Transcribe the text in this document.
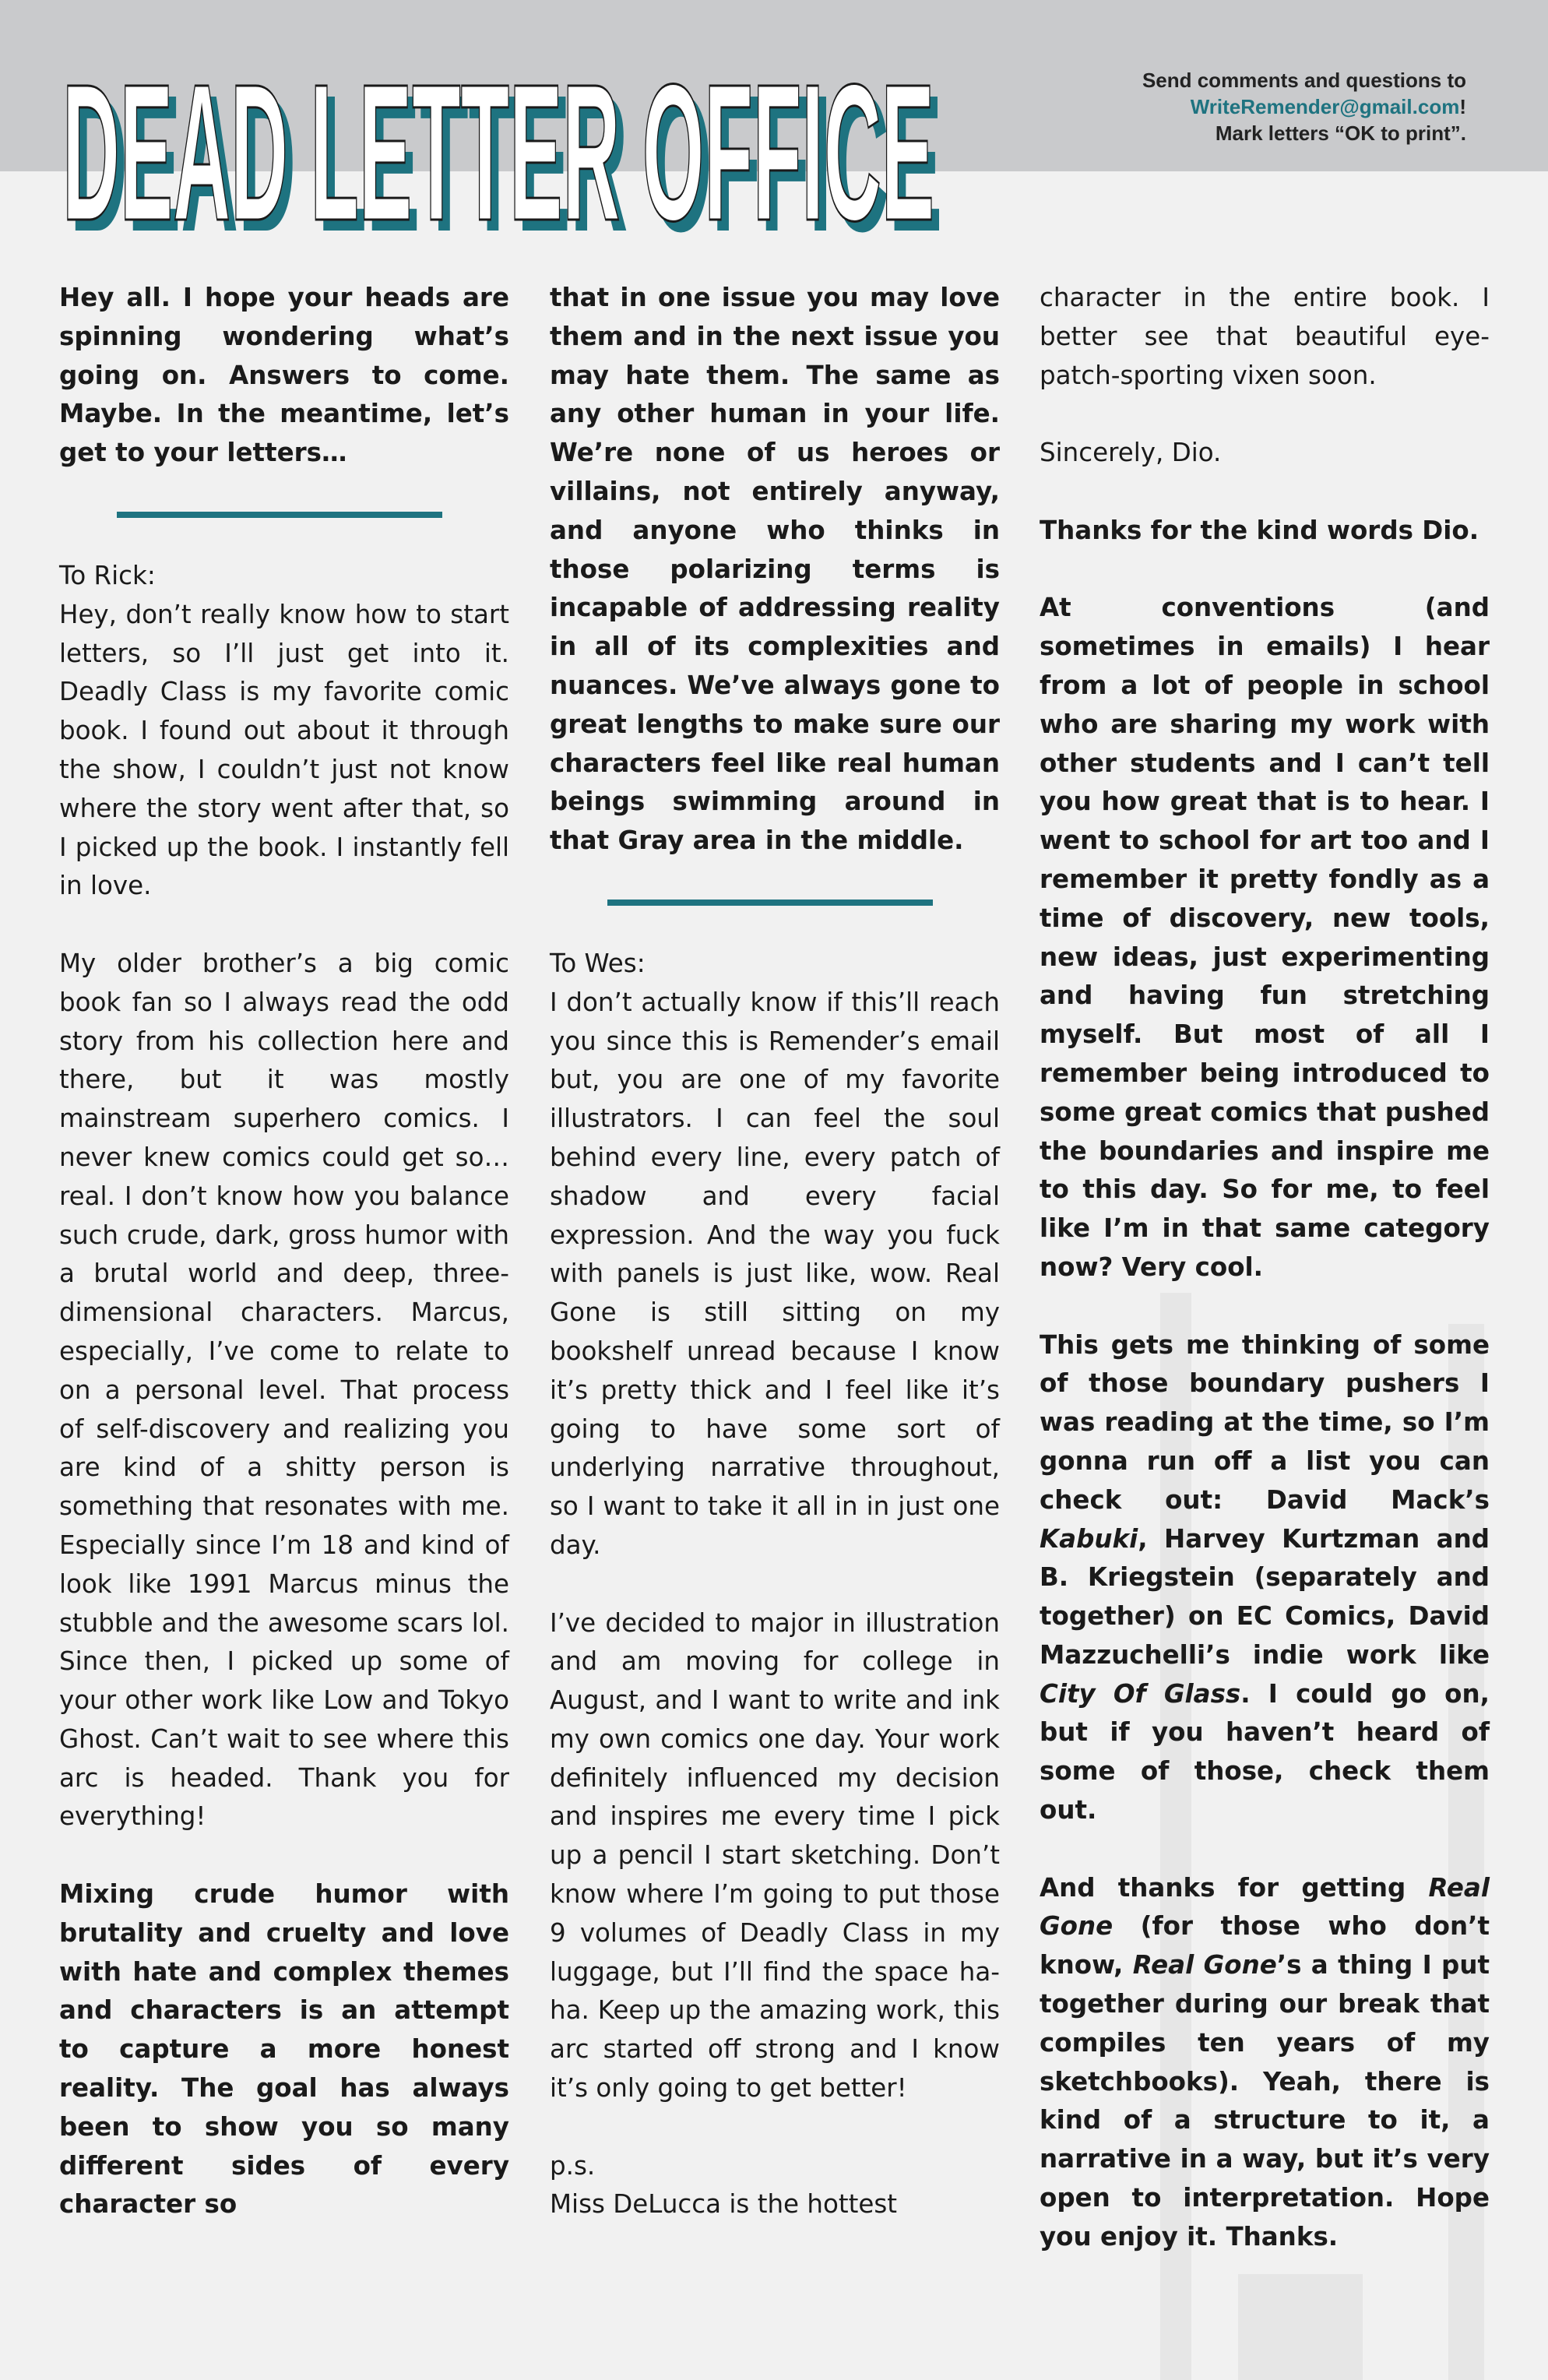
DEAD LETTER OFFICE
DEAD LETTER OFFICE	Send comments and questions to
WriteRemender@gmail.com!
Mark letters “OK to print”.

Hey all. I hope your heads are spinning wondering what’s going on. Answers to come. Maybe. In the meantime, let’s get to your letters…

To Rick:

Hey, don’t really know how to start letters, so I’ll just get into it. Deadly Class is my favorite comic book. I found out about it through the show, I couldn’t just not know where the story went after that, so I picked up the book. I instantly fell in love.

My older brother’s a big comic book fan so I always read the odd story from his collection here and there, but it was mostly mainstream superhero comics. I never knew comics could get so… real. I don’t know how you balance such crude, dark, gross humor with a brutal world and deep, three-dimensional characters. Marcus, especially, I’ve come to relate to on a personal level. That process of self-discovery and realizing you are kind of a shitty person is something that resonates with me. Especially since I’m 18 and kind of look like 1991 Marcus minus the stubble and the awesome scars lol. Since then, I picked up some of your other work like Low and Tokyo Ghost. Can’t wait to see where this arc is headed. Thank you for everything!

Mixing crude humor with brutality and cruelty and love with hate and complex themes and characters is an attempt to capture a more honest reality. The goal has always been to show you so many different sides of every character so

that in one issue you may love them and in the next issue you may hate them. The same as any other human in your life. We’re none of us heroes or villains, not entirely anyway, and anyone who thinks in those polarizing terms is incapable of addressing reality in all of its complexities and nuances. We’ve always gone to great lengths to make sure our characters feel like real human beings swimming around in that Gray area in the middle.

To Wes:

I don’t actually know if this’ll reach you since this is Remender’s email but, you are one of my favorite illustrators. I can feel the soul behind every line, every patch of shadow and every facial expression. And the way you fuck with panels is just like, wow. Real Gone is still sitting on my bookshelf unread because I know it’s pretty thick and I feel like it’s going to have some sort of underlying narrative throughout, so I want to take it all in in just one day.

I’ve decided to major in illustration and am moving for college in August, and I want to write and ink my own comics one day. Your work definitely influenced my decision and inspires me every time I pick up a pencil I start sketching. Don’t know where I’m going to put those 9 volumes of Deadly Class in my luggage, but I’ll find the space ha-ha. Keep up the amazing work, this arc started off strong and I know it’s only going to get better!

p.s.

Miss DeLucca is the hottest

character in the entire book. I better see that beautiful eye-patch-sporting vixen soon.

Sincerely, Dio.

Thanks for the kind words Dio.

At conventions (and sometimes in emails) I hear from a lot of people in school who are sharing my work with other students and I can’t tell you how great that is to hear. I went to school for art too and I remember it pretty fondly as a time of discovery, new tools, new ideas, just experimenting and having fun stretching myself. But most of all I remember being introduced to some great comics that pushed the boundaries and inspire me to this day. So for me, to feel like I’m in that same category now? Very cool.

This gets me thinking of some of those boundary pushers I was reading at the time, so I’m gonna run off a list you can check out: David Mack’s Kabuki, Harvey Kurtzman and B. Kriegstein (separately and together) on EC Comics, David Mazzuchelli’s indie work like City Of Glass. I could go on, but if you haven’t heard of some of those, check them out.

And thanks for getting Real Gone (for those who don’t know, Real Gone’s a thing I put together during our break that compiles ten years of my sketchbooks). Yeah, there is kind of a structure to it, a narrative in a way, but it’s very open to interpretation. Hope you enjoy it. Thanks.
